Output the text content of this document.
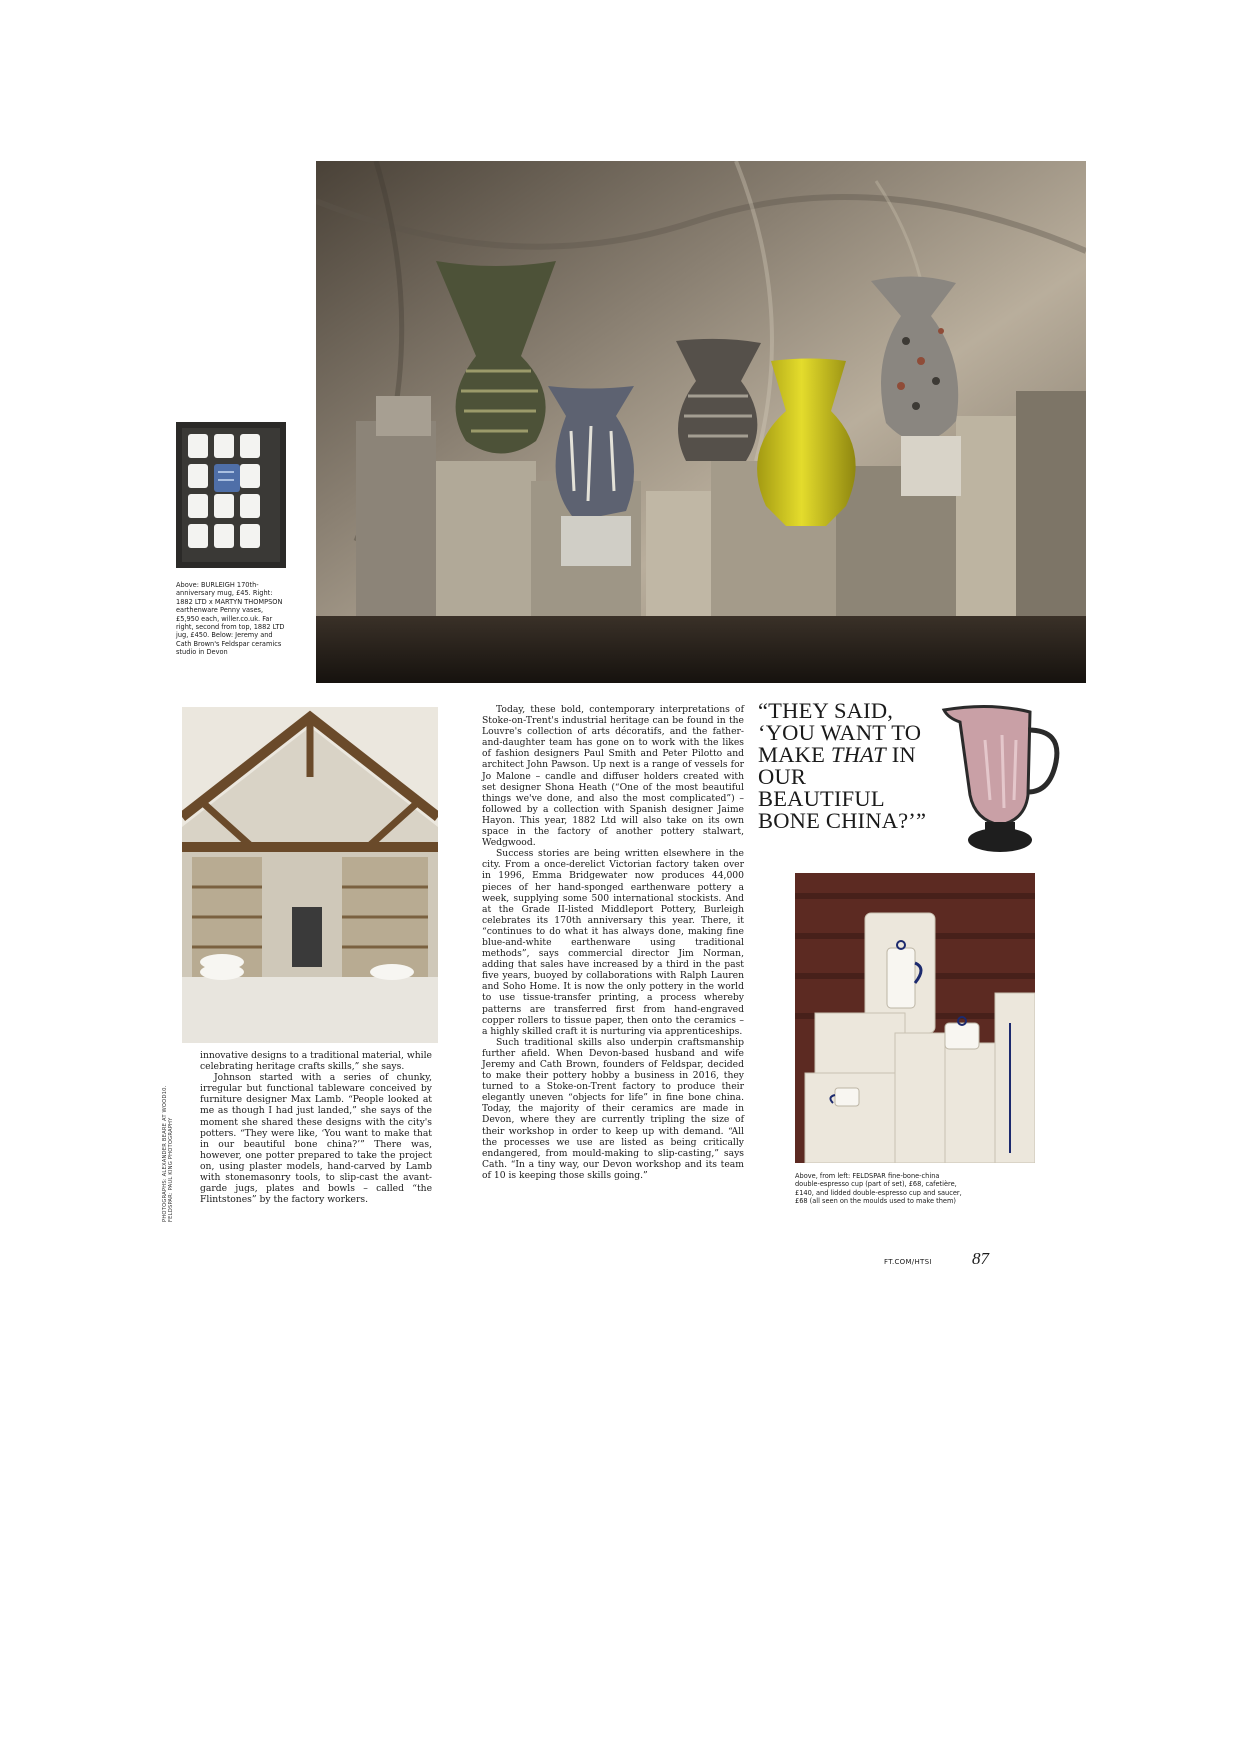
Above: BURLEIGH 170th-anniversary mug, £45. Right: 1882 LTD x MARTYN THOMPSON earthenware Penny vases, £5,950 each, willer.co.uk. Far right, second from top, 1882 LTD jug, £450. Below: Jeremy and Cath Brown's Feldspar ceramics studio in Devon

innovative designs to a traditional material, while celebrating heritage crafts skills,” she says.

Johnson started with a series of chunky, irregular but functional tableware conceived by furniture designer Max Lamb. “People looked at me as though I had just landed,” she says of the moment she shared these designs with the city's potters. “They were like, ‘You want to make that in our beautiful bone china?’” There was, however, one potter prepared to take the project on, using plaster models, hand-carved by Lamb with stonemasonry tools, to slip-cast the avant-garde jugs, plates and bowls – called “the Flintstones” by the factory workers.

PHOTOGRAPHS: ALEXANDER BEARE AT WOOD10. FELDSPAR: PAUL KING PHOTOGRAPHY

Today, these bold, contemporary interpretations of Stoke-on-Trent's industrial heritage can be found in the Louvre's collection of arts décoratifs, and the father-and-daughter team has gone on to work with the likes of fashion designers Paul Smith and Peter Pilotto and architect John Pawson. Up next is a range of vessels for Jo Malone – candle and diffuser holders created with set designer Shona Heath (“One of the most beautiful things we've done, and also the most complicated”) – followed by a collection with Spanish designer Jaime Hayon. This year, 1882 Ltd will also take on its own space in the factory of another pottery stalwart, Wedgwood.

Success stories are being written elsewhere in the city. From a once-derelict Victorian factory taken over in 1996, Emma Bridgewater now produces 44,000 pieces of her hand-sponged earthenware pottery a week, supplying some 500 international stockists. And at the Grade II-listed Middleport Pottery, Burleigh celebrates its 170th anniversary this year. There, it “continues to do what it has always done, making fine blue-and-white earthenware using traditional methods”, says commercial director Jim Norman, adding that sales have increased by a third in the past five years, buoyed by collaborations with Ralph Lauren and Soho Home. It is now the only pottery in the world to use tissue-transfer printing, a process whereby patterns are transferred first from hand-engraved copper rollers to tissue paper, then onto the ceramics – a highly skilled craft it is nurturing via apprenticeships.

Such traditional skills also underpin craftsmanship further afield. When Devon-based husband and wife Jeremy and Cath Brown, founders of Feldspar, decided to make their pottery hobby a business in 2016, they turned to a Stoke-on-Trent factory to produce their elegantly uneven “objects for life” in fine bone china. Today, the majority of their ceramics are made in Devon, where they are currently tripling the size of their workshop in order to keep up with demand. “All the processes we use are listed as being critically endangered, from mould-making to slip-casting,” says Cath. “In a tiny way, our Devon workshop and its team of 10 is keeping those skills going.”

“THEY SAID,
‘YOU WANT TO
MAKE THAT IN
OUR BEAUTIFUL
BONE CHINA?’”
Above, from left: FELDSPAR fine-bone-china double-espresso cup (part of set), £68, cafetière, £140, and lidded double-espresso cup and saucer, £68 (all seen on the moulds used to make them)
FT.COM/HTSI 87
